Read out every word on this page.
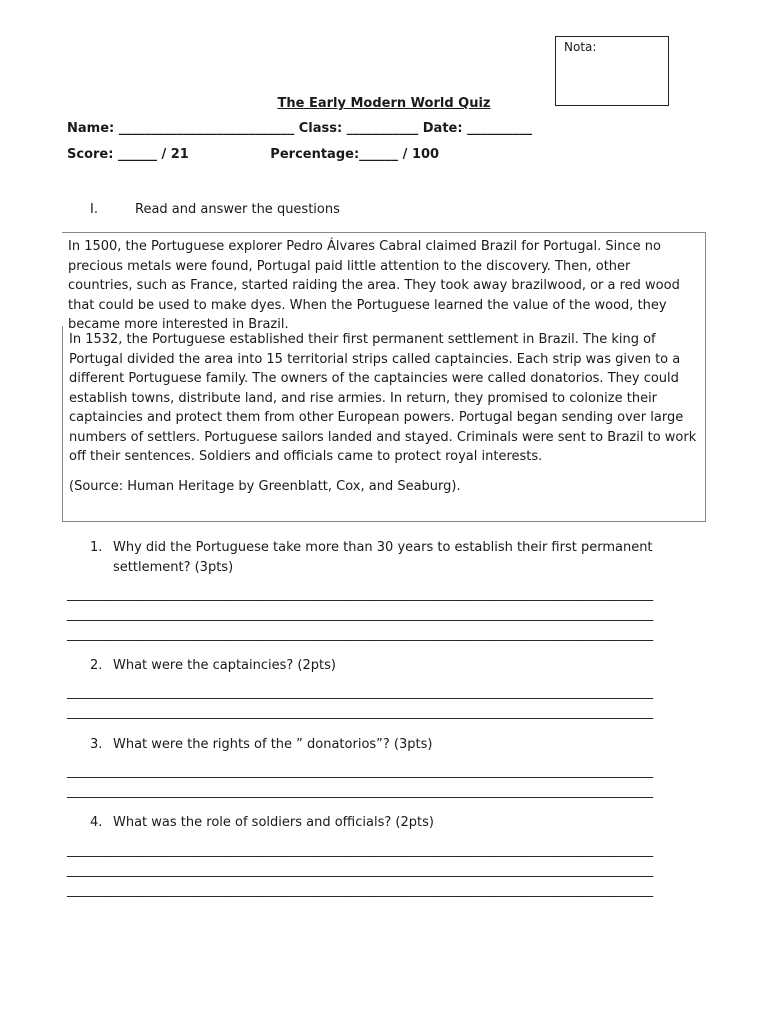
Nota:
The Early Modern World Quiz
Name: ___________________________ Class: ___________ Date: __________
Score: ______ / 21                  Percentage:______ / 100
I.	Read and answer the questions

In 1500, the Portuguese explorer Pedro Álvares Cabral claimed Brazil for Portugal. Since no precious metals were found, Portugal paid little attention to the discovery. Then, other countries, such as France, started raiding the area. They took away brazilwood, or a red wood that could be used to make dyes. When the Portuguese learned the value of the wood, they became more interested in Brazil.

In 1532, the Portuguese established their first permanent settlement in Brazil. The king of Portugal divided the area into 15 territorial strips called captaincies. Each strip was given to a different Portuguese family. The owners of the captaincies were called donatorios. They could establish towns, distribute land, and rise armies. In return, they promised to colonize their captaincies and protect them from other European powers. Portugal began sending over large numbers of settlers. Portuguese sailors landed and stayed. Criminals were sent to Brazil to work off their sentences. Soldiers and officials came to protect royal interests.

(Source: Human Heritage by Greenblatt, Cox, and Seaburg).

1. Why did the Portuguese take more than 30 years to establish their first permanent settlement? (3pts)
_____________________________________________________________________________________________
_____________________________________________________________________________________________
_____________________________________________________________________________________________
2. What were the captaincies? (2pts)
_____________________________________________________________________________________________
_____________________________________________________________________________________________
3. What were the rights of the ” donatorios”? (3pts)
_____________________________________________________________________________________________
_____________________________________________________________________________________________
4. What was the role of soldiers and officials? (2pts)
_____________________________________________________________________________________________
_____________________________________________________________________________________________
_____________________________________________________________________________________________
